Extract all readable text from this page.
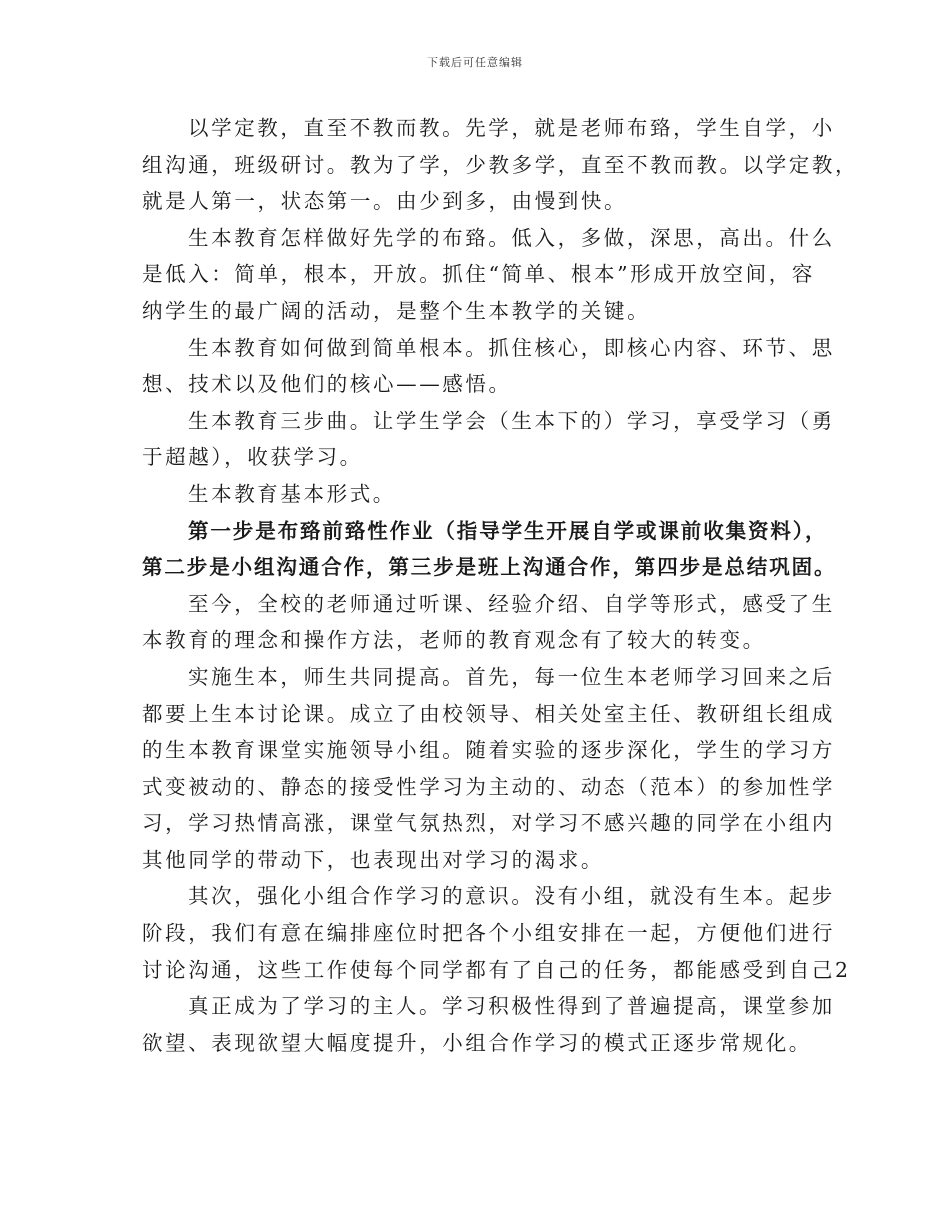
下载后可任意编辑
以学定教，直至不教而教。先学，就是老师布臵，学生自学，小
组沟通，班级研讨。教为了学，少教多学，直至不教而教。以学定教，
就是人第一，状态第一。由少到多，由慢到快。
生本教育怎样做好先学的布臵。低入，多做，深思，高出。什么
是低入：简单，根本，开放。抓住“简单、根本”形成开放空间，容
纳学生的最广阔的活动，是整个生本教学的关键。
生本教育如何做到简单根本。抓住核心，即核心内容、环节、思
想、技术以及他们的核心——感悟。
生本教育三步曲。让学生学会（生本下的）学习，享受学习（勇
于超越），收获学习。
生本教育基本形式。
第一步是布臵前臵性作业（指导学生开展自学或课前收集资料），
第二步是小组沟通合作，第三步是班上沟通合作，第四步是总结巩固。
至今，全校的老师通过听课、经验介绍、自学等形式，感受了生
本教育的理念和操作方法，老师的教育观念有了较大的转变。
实施生本，师生共同提高。首先，每一位生本老师学习回来之后
都要上生本讨论课。成立了由校领导、相关处室主任、教研组长组成
的生本教育课堂实施领导小组。随着实验的逐步深化，学生的学习方
式变被动的、静态的接受性学习为主动的、动态（范本）的参加性学
习，学习热情高涨，课堂气氛热烈，对学习不感兴趣的同学在小组内
其他同学的带动下，也表现出对学习的渴求。
其次，强化小组合作学习的意识。没有小组，就没有生本。起步
阶段，我们有意在编排座位时把各个小组安排在一起，方便他们进行
讨论沟通，这些工作使每个同学都有了自己的任务，都能感受到自己2
真正成为了学习的主人。学习积极性得到了普遍提高，课堂参加
欲望、表现欲望大幅度提升，小组合作学习的模式正逐步常规化。
